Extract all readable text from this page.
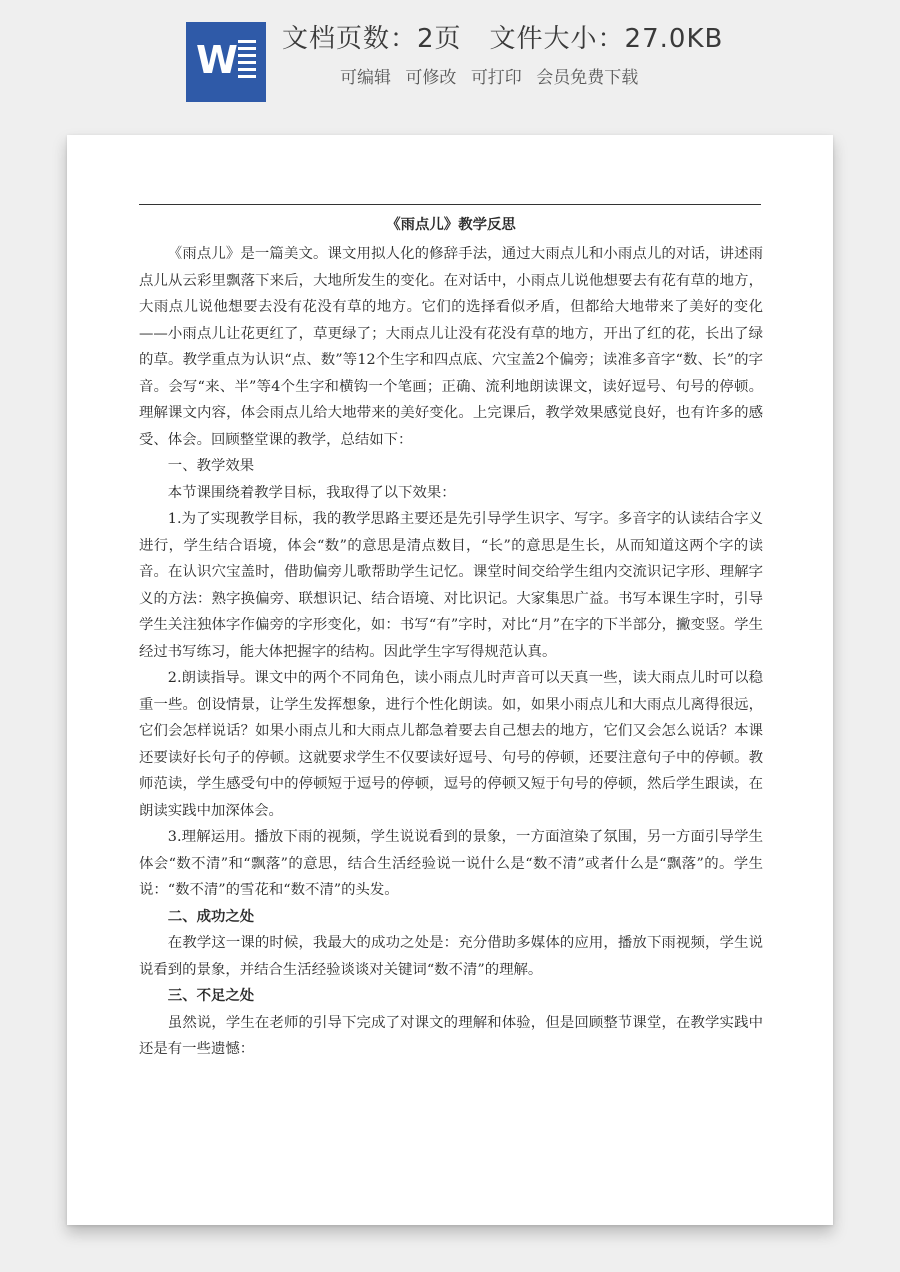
W 文档页数：2页 文件大小：27.0KB
可编辑 可修改 可打印 会员免费下载
《雨点儿》教学反思

《雨点儿》是一篇美文。课文用拟人化的修辞手法，通过大雨点儿和小雨点儿的对话，讲述雨点儿从云彩里飘落下来后，大地所发生的变化。在对话中，小雨点儿说他想要去有花有草的地方，大雨点儿说他想要去没有花没有草的地方。它们的选择看似矛盾，但都给大地带来了美好的变化——小雨点儿让花更红了，草更绿了；大雨点儿让没有花没有草的地方，开出了红的花，长出了绿的草。教学重点为认识“点、数”等12个生字和四点底、穴宝盖2个偏旁；读准多音字“数、长”的字音。会写“来、半”等4个生字和横钩一个笔画；正确、流利地朗读课文，读好逗号、句号的停顿。理解课文内容，体会雨点儿给大地带来的美好变化。上完课后，教学效果感觉良好，也有许多的感受、体会。回顾整堂课的教学，总结如下：

一、教学效果

本节课围绕着教学目标，我取得了以下效果：

1.为了实现教学目标，我的教学思路主要还是先引导学生识字、写字。多音字的认读结合字义进行，学生结合语境，体会“数”的意思是清点数目，“长”的意思是生长，从而知道这两个字的读音。在认识穴宝盖时，借助偏旁儿歌帮助学生记忆。课堂时间交给学生组内交流识记字形、理解字义的方法：熟字换偏旁、联想识记、结合语境、对比识记。大家集思广益。书写本课生字时，引导学生关注独体字作偏旁的字形变化，如：书写“有”字时，对比“月”在字的下半部分，撇变竖。学生经过书写练习，能大体把握字的结构。因此学生字写得规范认真。

2.朗读指导。课文中的两个不同角色，读小雨点儿时声音可以天真一些，读大雨点儿时可以稳重一些。创设情景，让学生发挥想象，进行个性化朗读。如，如果小雨点儿和大雨点儿离得很远，它们会怎样说话？如果小雨点儿和大雨点儿都急着要去自己想去的地方，它们又会怎么说话？本课还要读好长句子的停顿。这就要求学生不仅要读好逗号、句号的停顿，还要注意句子中的停顿。教师范读，学生感受句中的停顿短于逗号的停顿，逗号的停顿又短于句号的停顿，然后学生跟读，在朗读实践中加深体会。

3.理解运用。播放下雨的视频，学生说说看到的景象，一方面渲染了氛围，另一方面引导学生体会“数不清”和“飘落”的意思，结合生活经验说一说什么是“数不清”或者什么是“飘落”的。学生说：“数不清”的雪花和“数不清”的头发。

二、成功之处

在教学这一课的时候，我最大的成功之处是：充分借助多媒体的应用，播放下雨视频，学生说说看到的景象，并结合生活经验谈谈对关键词“数不清”的理解。

三、不足之处

虽然说，学生在老师的引导下完成了对课文的理解和体验，但是回顾整节课堂，在教学实践中还是有一些遗憾：
